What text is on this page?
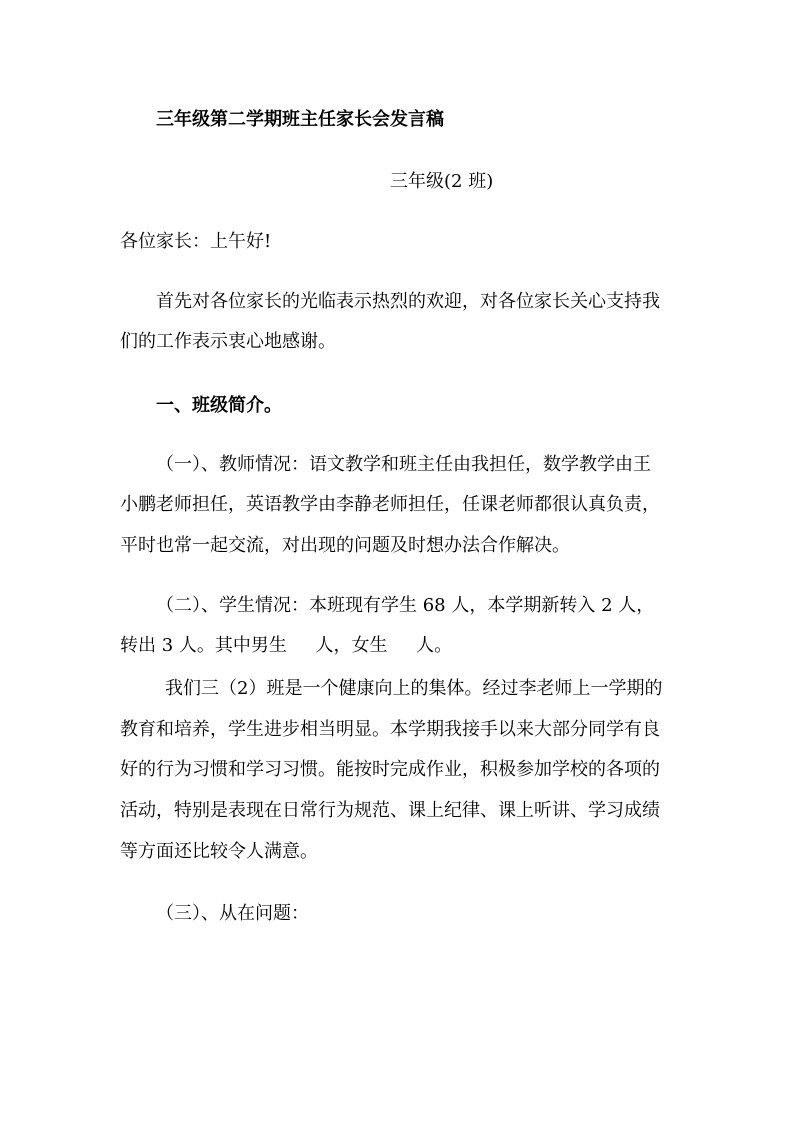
三年级第二学期班主任家长会发言稿
三年级(2 班)
各位家长：上午好!
首先对各位家长的光临表示热烈的欢迎，对各位家长关心支持我
们的工作表示衷心地感谢。
一、班级简介。
（一）、教师情况：语文教学和班主任由我担任，数学教学由王
小鹏老师担任，英语教学由李静老师担任，任课老师都很认真负责，
平时也常一起交流，对出现的问题及时想办法合作解决。
（二）、学生情况：本班现有学生 68 人，本学期新转入 2 人，
转出 3 人。其中男生     人，女生     人。
我们三（2）班是一个健康向上的集体。经过李老师上一学期的
教育和培养，学生进步相当明显。本学期我接手以来大部分同学有良
好的行为习惯和学习习惯。能按时完成作业，积极参加学校的各项的
活动，特别是表现在日常行为规范、课上纪律、课上听讲、学习成绩
等方面还比较令人满意。
（三）、从在问题：
